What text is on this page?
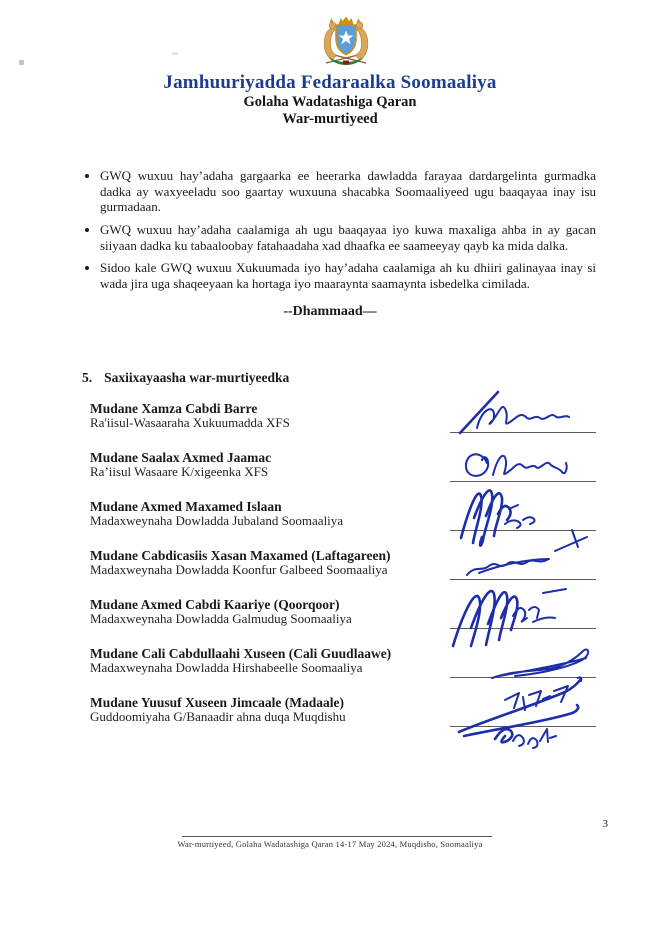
Jamhuuriyadda Fedaraalka Soomaaliya
Golaha Wadatashiga Qaran
War-murtiyeed
• GWQ wuxuu hay’adaha gargaarka ee heerarka dawladda farayaa dardargelinta gurmadka dadka ay waxyeeladu soo gaartay wuxuuna shacabka Soomaaliyeed ugu baaqayaa inay isu gurmadaan.
• GWQ wuxuu hay’adaha caalamiga ah ugu baaqayaa iyo kuwa maxaliga ahba in ay gacan siiyaan dadka ku tabaaloobay fatahaadaha xad dhaafka ee saameeyay qayb ka mida dalka.
• Sidoo kale GWQ wuxuu Xukuumada iyo hay’adaha caalamiga ah ku dhiiri galinayaa inay si wada jira uga shaqeeyaan ka hortaga iyo maaraynta saamaynta isbedelka cimilada.
--Dhammaad—
5. Saxiixayaasha war-murtiyeedka
Mudane Xamza Cabdi Barre
Ra'iisul-Wasaaraha Xukuumadda XFS
Mudane Saalax Axmed Jaamac
Ra’iisul Wasaare K/xigeenka XFS
Mudane Axmed Maxamed Islaan
Madaxweynaha Dowladda Jubaland Soomaaliya
Mudane Cabdicasiis Xasan Maxamed (Laftagareen)
Madaxweynaha Dowladda Koonfur Galbeed Soomaaliya
Mudane Axmed Cabdi Kaariye (Qoorqoor)
Madaxweynaha Dowladda Galmudug Soomaaliya
Mudane Cali Cabdullaahi Xuseen (Cali Guudlaawe)
Madaxweynaha Dowladda Hirshabeelle Soomaaliya
Mudane Yuusuf Xuseen Jimcaale (Madaale)
Guddoomiyaha G/Banaadir ahna duqa Muqdishu
War-murtiyeed, Golaha Wadatashiga Qaran 14-17 May 2024, Muqdisho, Soomaaliya
3
